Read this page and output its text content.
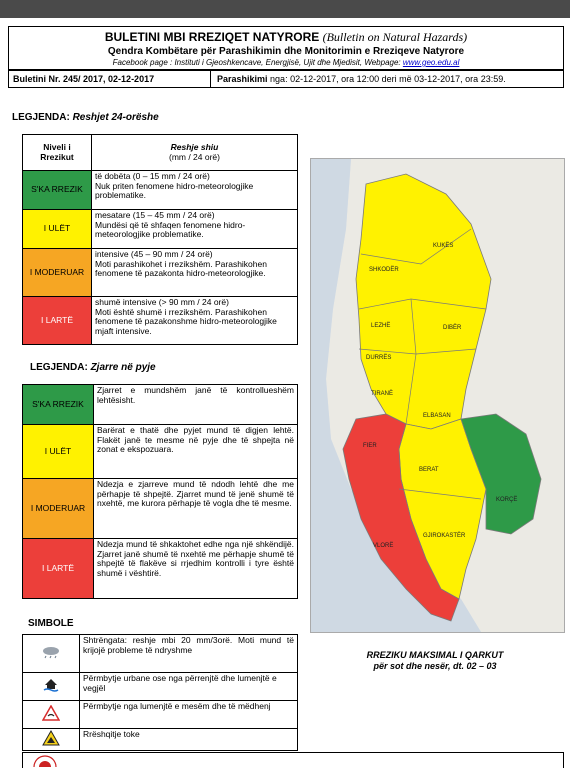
BULETINI MBI RREZIQET NATYRORE (Bulletin on Natural Hazards)
Qendra Kombëtare për Parashikimin dhe Monitorimin e Rreziqeve Natyrore
Facebook page : Instituti i Gjeoshkencave, Energjisë, Ujit dhe Mjedisit, Webpage: www.geo.edu.al
Buletini Nr. 245/ 2017, 02-12-2017	Parashikimi nga: 02-12-2017, ora 12:00 deri më 03-12-2017, ora 23:59.
LEGJENDA: Reshjet 24-orëshe
Niveli i Rrezikut	Reshje shiu
(mm / 24 orë)
S'KA RREZIK	të dobëta (0 – 15 mm / 24 orë)
Nuk priten fenomene hidro-meteorologjike problematike.
I ULËT	mesatare (15 – 45 mm / 24 orë)
Mundësi që të shfaqen fenomene hidro-meteorologjike problematike.
I MODERUAR	intensive (45 – 90 mm / 24 orë)
Moti parashikohet i rrezikshëm. Parashikohen fenomene të pazakonta hidro-meteorologjike.
I LARTË	shumë intensive (> 90 mm / 24 orë)
Moti është shumë i rrezikshëm. Parashikohen fenomene të pazakonshme hidro-meteorologjike mjaft intensive.
LEGJENDA: Zjarre në pyje
S'KA RREZIK	Zjarret e mundshëm janë të kontrollueshëm lehtësisht.
I ULËT	Barërat e thatë dhe pyjet mund të digjen lehtë. Flakët janë te mesme në pyje dhe të shpejta në zonat e ekspozuara.
I MODERUAR	Ndezja e zjarreve mund të ndodh lehtë dhe me përhapje të shpejtë. Zjarret mund të jenë shumë të nxehtë, me kurora përhapje të vogla dhe të mesme.
I LARTË	Ndezja mund të shkaktohet edhe nga një shkëndijë. Zjarret janë shumë të nxehtë me përhapje shumë të shpejtë të flakëve si rrjedhim kontrolli i tyre është shumë i vështirë.
SIMBOLE
	Shtrëngata: reshje mbi 20 mm/3orë. Moti mund të krijojë probleme të ndryshme
	Përmbytje urbane ose nga përrenjtë dhe lumenjtë e vegjël
	Përmbytje nga lumenjtë e mesëm dhe të mëdhenj
	Rrëshqitje toke
KUKËS
SHKODËR
LEZHË	DIBËR
DURRËS
TIRANË
ELBASAN
FIER
BERAT
VLORË
KORÇË
GJIROKASTËR
RREZIKU MAKSIMAL I QARKUT
për sot dhe nesër, dt. 02 – 03
